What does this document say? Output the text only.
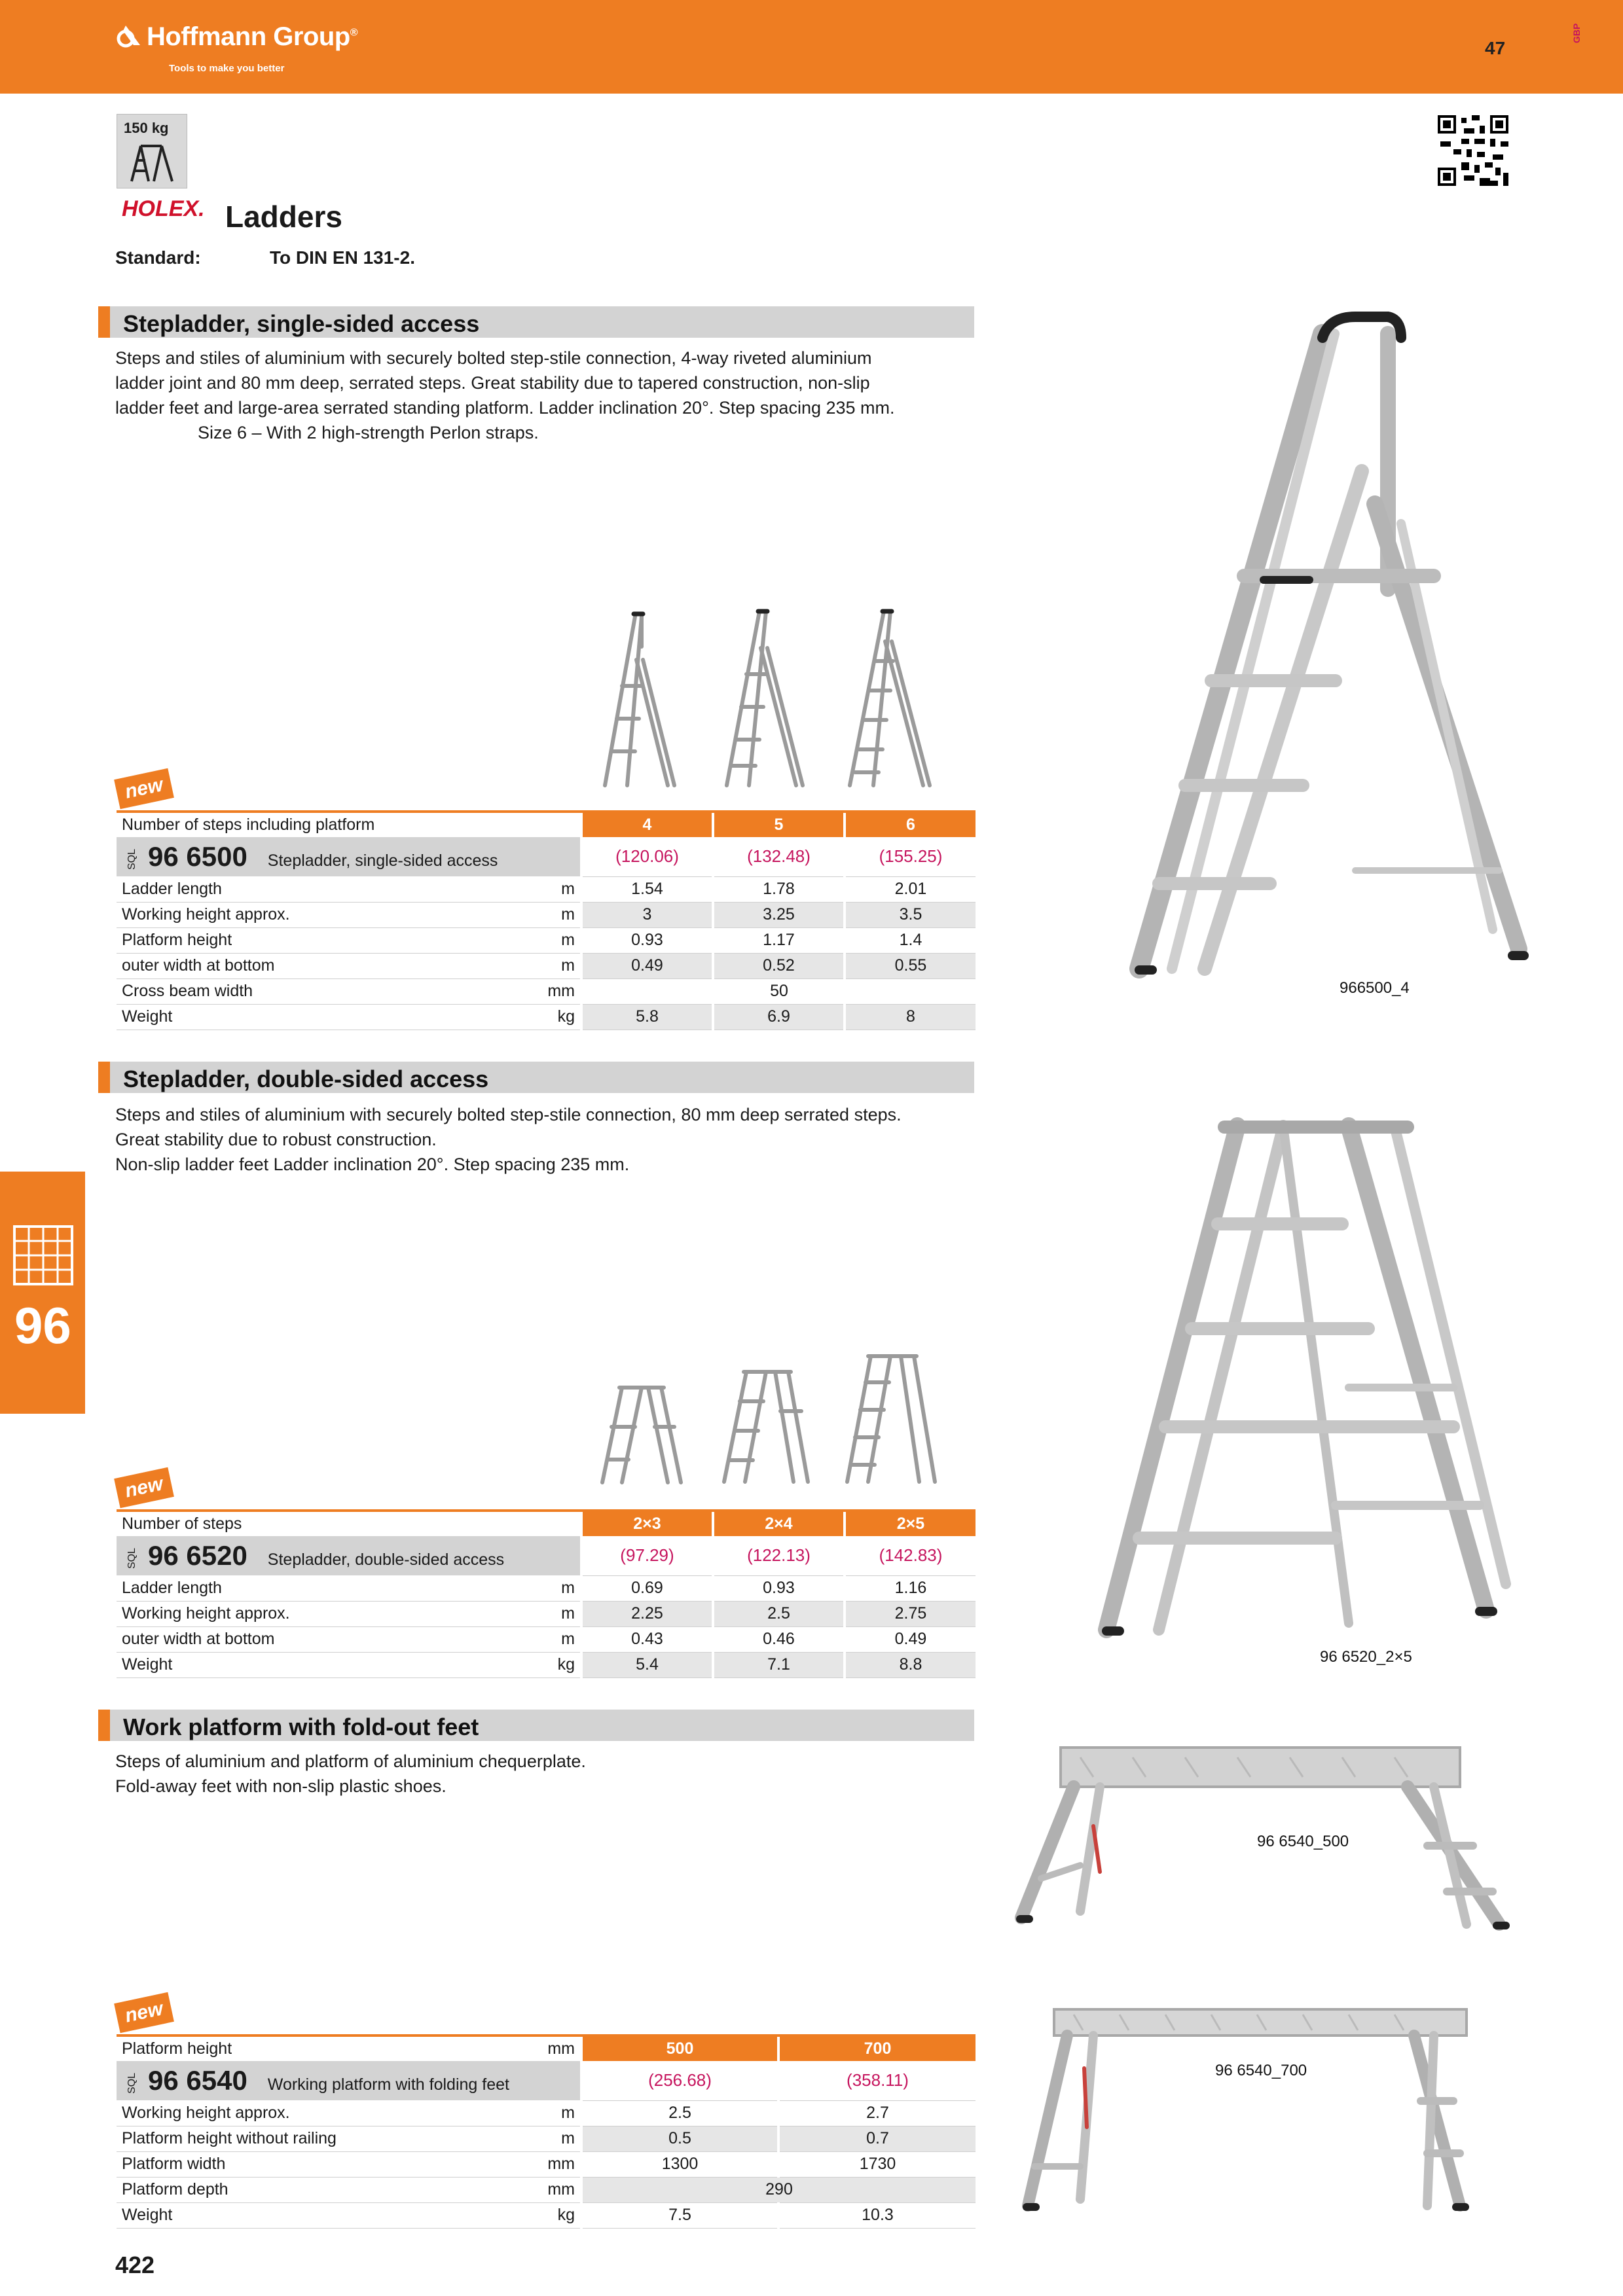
Hoffmann Group®
Tools to make you better
47
GBP
96
150 kg
HOLEX. Ladders
Standard:	To DIN EN 131-2.
Stepladder, single-sided access
Steps and stiles of aluminium with securely bolted step-stile connection, 4-way riveted aluminium
ladder joint and 80 mm deep, serrated steps. Great stability due to tapered construction, non-slip
ladder feet and large-area serrated standing platform. Ladder inclination 20°. Step spacing 235 mm.
Size 6 – With 2 high-strength Perlon straps.
new
Number of steps including platform		4	5	6
SQL 96 6500 Stepladder, single-sided access		(120.06)	(132.48)	(155.25)
Ladder length	m	1.54	1.78	2.01
Working height approx.	m	3	3.25	3.5
Platform height	m	0.93	1.17	1.4
outer width at bottom	m	0.49	0.52	0.55
Cross beam width	mm	50		
Weight	kg	5.8	6.9	8
966500_4
Stepladder, double-sided access
Steps and stiles of aluminium with securely bolted step-stile connection, 80 mm deep serrated steps.
Great stability due to robust construction.
Non-slip ladder feet Ladder inclination 20°. Step spacing 235 mm.
new
Number of steps		2×3	2×4	2×5
SQL 96 6520 Stepladder, double-sided access		(97.29)	(122.13)	(142.83)
Ladder length	m	0.69	0.93	1.16
Working height approx.	m	2.25	2.5	2.75
outer width at bottom	m	0.43	0.46	0.49
Weight	kg	5.4	7.1	8.8	96 6520_2×5
Work platform with fold-out feet
Steps of aluminium and platform of aluminium chequerplate.
Fold-away feet with non-slip plastic shoes.
96 6540_500
96 6540_700
new
Platform height	mm	500	700
SQL 96 6540 Working platform with folding feet		(256.68)	(358.11)
Working height approx.	m	2.5	2.7
Platform height without railing	m	0.5	0.7
Platform width	mm	1300	1730
Platform depth	mm	290	
Weight	kg	7.5	10.3
422
